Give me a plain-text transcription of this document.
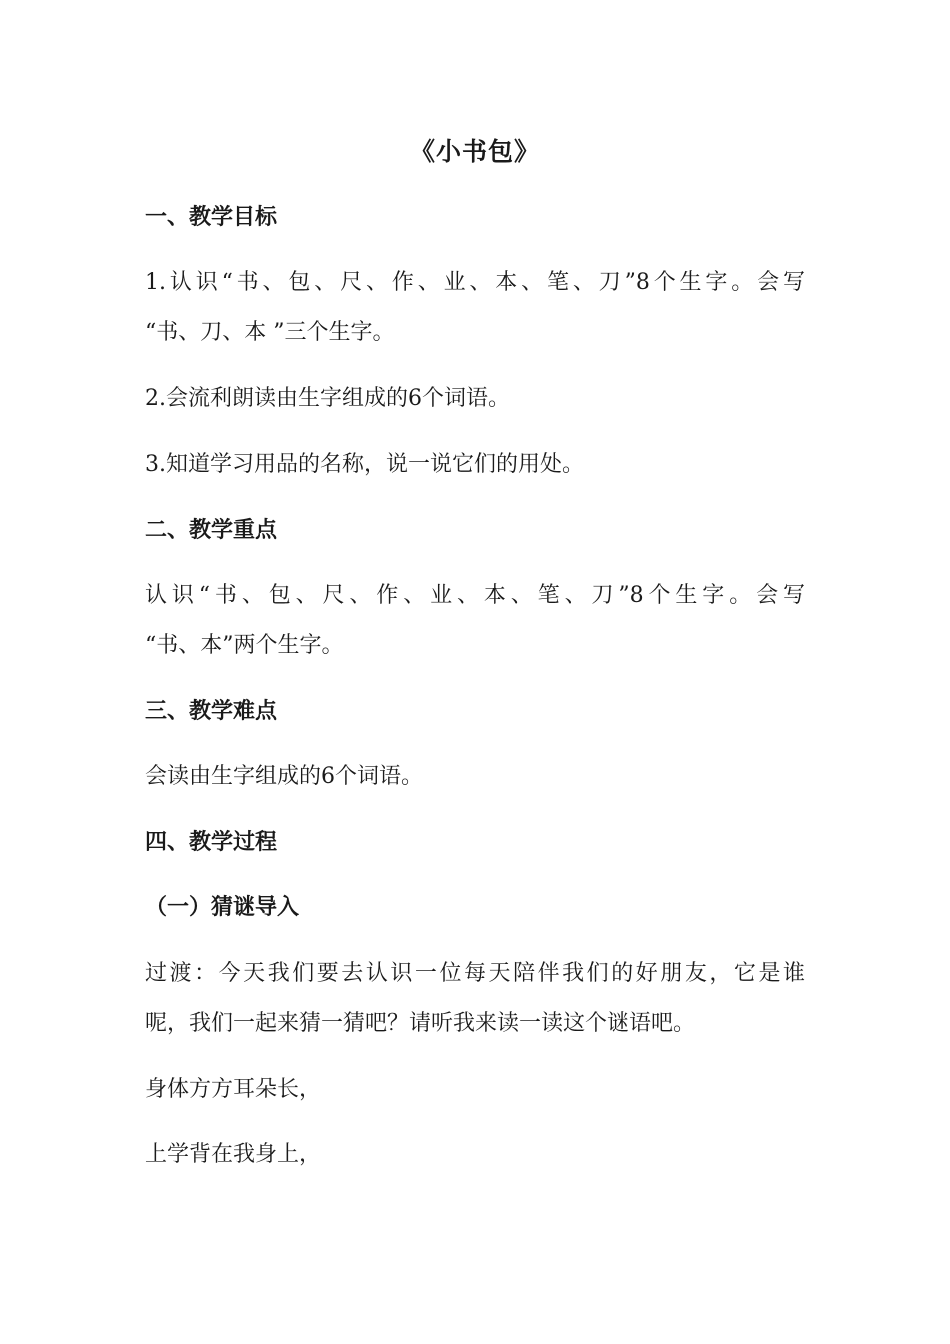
《小书包》
一、教学目标
1.认识“书、包、尺、作、业、本、笔、刀”8个生字。会写
“书、刀、本 ”三个生字。
2.会流利朗读由生字组成的6个词语。
3.知道学习用品的名称，说一说它们的用处。
二、教学重点
认识“书、包、尺、作、业、本、笔、刀”8个生字。会写
“书、本”两个生字。
三、教学难点
会读由生字组成的6个词语。
四、教学过程
（一）猜谜导入
过渡：今天我们要去认识一位每天陪伴我们的好朋友，它是谁
呢，我们一起来猜一猜吧？请听我来读一读这个谜语吧。
身体方方耳朵长，
上学背在我身上，
